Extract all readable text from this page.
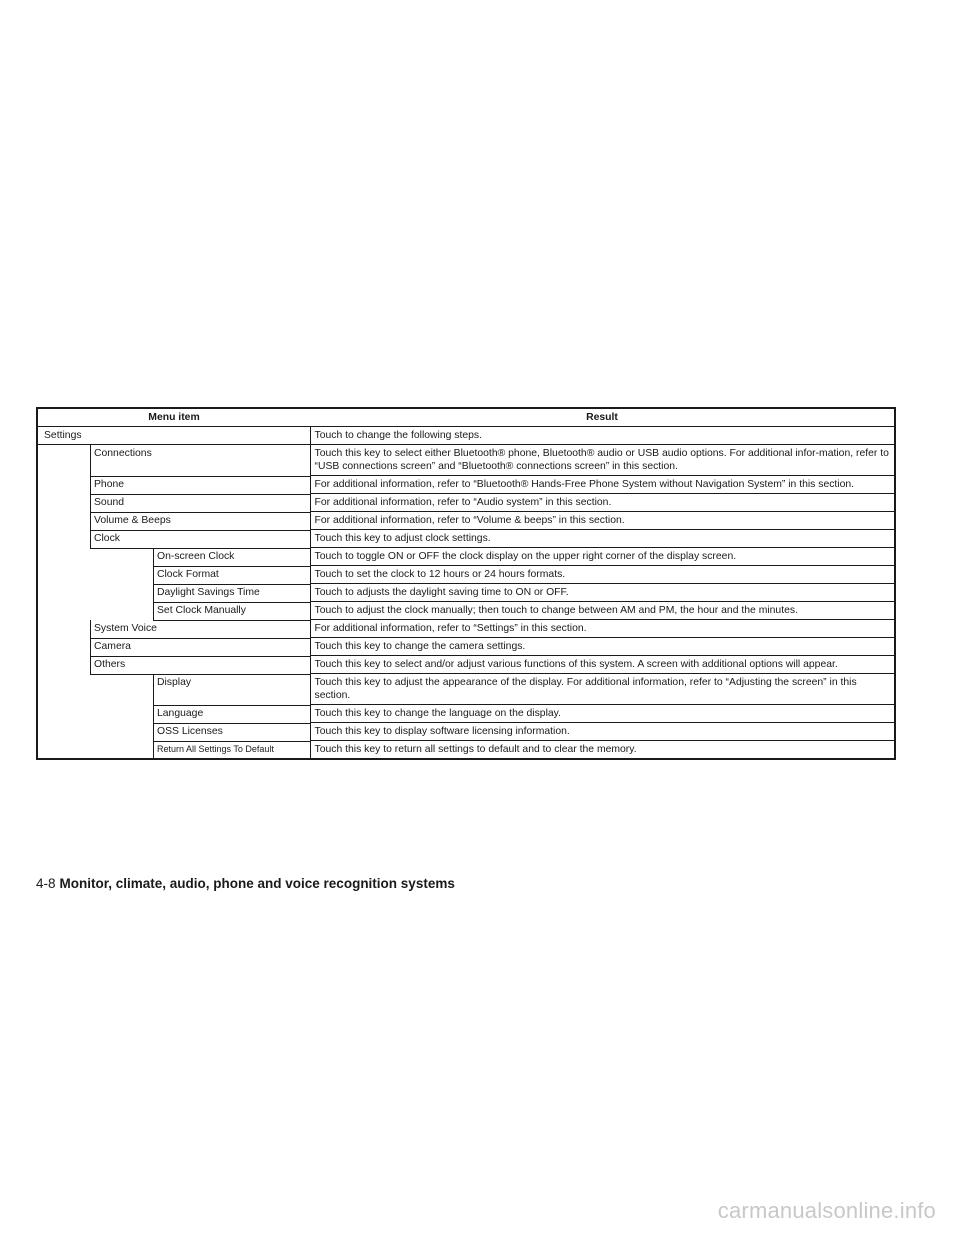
Menu item	Result
Settings	Touch to change the following steps.
Connections	Touch this key to select either Bluetooth® phone, Bluetooth® audio or USB audio options. For additional infor-mation, refer to “USB connections screen” and “Bluetooth® connections screen” in this section.
Phone	For additional information, refer to “Bluetooth® Hands-Free Phone System without Navigation System” in this section.
Sound	For additional information, refer to “Audio system” in this section.
Volume & Beeps	For additional information, refer to “Volume & beeps” in this section.
Clock	Touch this key to adjust clock settings.
On-screen Clock	Touch to toggle ON or OFF the clock display on the upper right corner of the display screen.
Clock Format	Touch to set the clock to 12 hours or 24 hours formats.
Daylight Savings Time	Touch to adjusts the daylight saving time to ON or OFF.
Set Clock Manually	Touch to adjust the clock manually; then touch to change between AM and PM, the hour and the minutes.
System Voice	For additional information, refer to “Settings” in this section.
Camera	Touch this key to change the camera settings.
Others	Touch this key to select and/or adjust various functions of this system. A screen with additional options will appear.
Display	Touch this key to adjust the appearance of the display. For additional information, refer to “Adjusting the screen” in this section.
Language	Touch this key to change the language on the display.
OSS Licenses	Touch this key to display software licensing information.
Return All Settings To Default	Touch this key to return all settings to default and to clear the memory.
4-8 Monitor, climate, audio, phone and voice recognition systems
carmanualsonline.info
